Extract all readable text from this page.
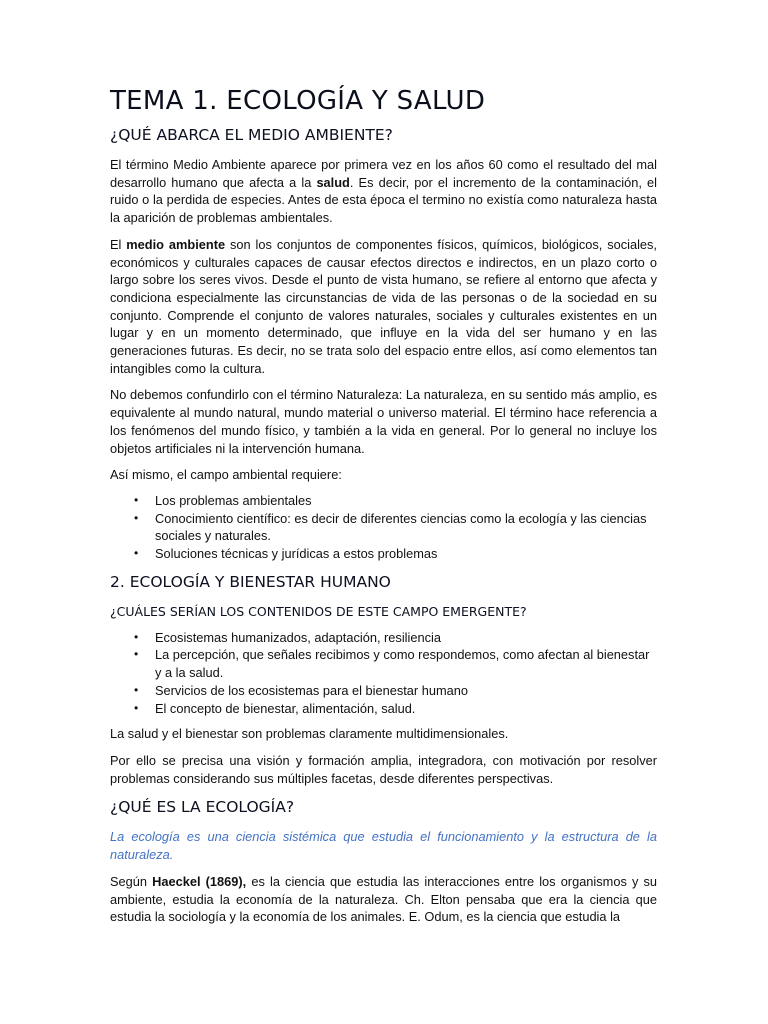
TEMA 1. ECOLOGÍA Y SALUD
¿QUÉ ABARCA EL MEDIO AMBIENTE?

El término Medio Ambiente aparece por primera vez en los años 60 como el resultado del mal desarrollo humano que afecta a la salud. Es decir, por el incremento de la contaminación, el ruido o la perdida de especies. Antes de esta época el termino no existía como naturaleza hasta la aparición de problemas ambientales.

El medio ambiente son los conjuntos de componentes físicos, químicos, biológicos, sociales, económicos y culturales capaces de causar efectos directos e indirectos, en un plazo corto o largo sobre los seres vivos. Desde el punto de vista humano, se refiere al entorno que afecta y condiciona especialmente las circunstancias de vida de las personas o de la sociedad en su conjunto. Comprende el conjunto de valores naturales, sociales y culturales existentes en un lugar y en un momento determinado, que influye en la vida del ser humano y en las generaciones futuras. Es decir, no se trata solo del espacio entre ellos, así como elementos tan intangibles como la cultura.

No debemos confundirlo con el término Naturaleza: La naturaleza, en su sentido más amplio, es equivalente al mundo natural, mundo material o universo material. El término hace referencia a los fenómenos del mundo físico, y también a la vida en general. Por lo general no incluye los objetos artificiales ni la intervención humana.

Así mismo, el campo ambiental requiere:

• Los problemas ambientales
• Conocimiento científico: es decir de diferentes ciencias como la ecología y las ciencias sociales y naturales.
• Soluciones técnicas y jurídicas a estos problemas
2. ECOLOGÍA Y BIENESTAR HUMANO
¿CUÁLES SERÍAN LOS CONTENIDOS DE ESTE CAMPO EMERGENTE?
• Ecosistemas humanizados, adaptación, resiliencia
• La percepción, que señales recibimos y como respondemos, como afectan al bienestar y a la salud.
• Servicios de los ecosistemas para el bienestar humano
• El concepto de bienestar, alimentación, salud.

La salud y el bienestar son problemas claramente multidimensionales.

Por ello se precisa una visión y formación amplia, integradora, con motivación por resolver problemas considerando sus múltiples facetas, desde diferentes perspectivas.

¿QUÉ ES LA ECOLOGÍA?

La ecología es una ciencia sistémica que estudia el funcionamiento y la estructura de la naturaleza.

Según Haeckel (1869), es la ciencia que estudia las interacciones entre los organismos y su ambiente, estudia la economía de la naturaleza. Ch. Elton pensaba que era la ciencia que estudia la sociología y la economía de los animales. E. Odum, es la ciencia que estudia la
